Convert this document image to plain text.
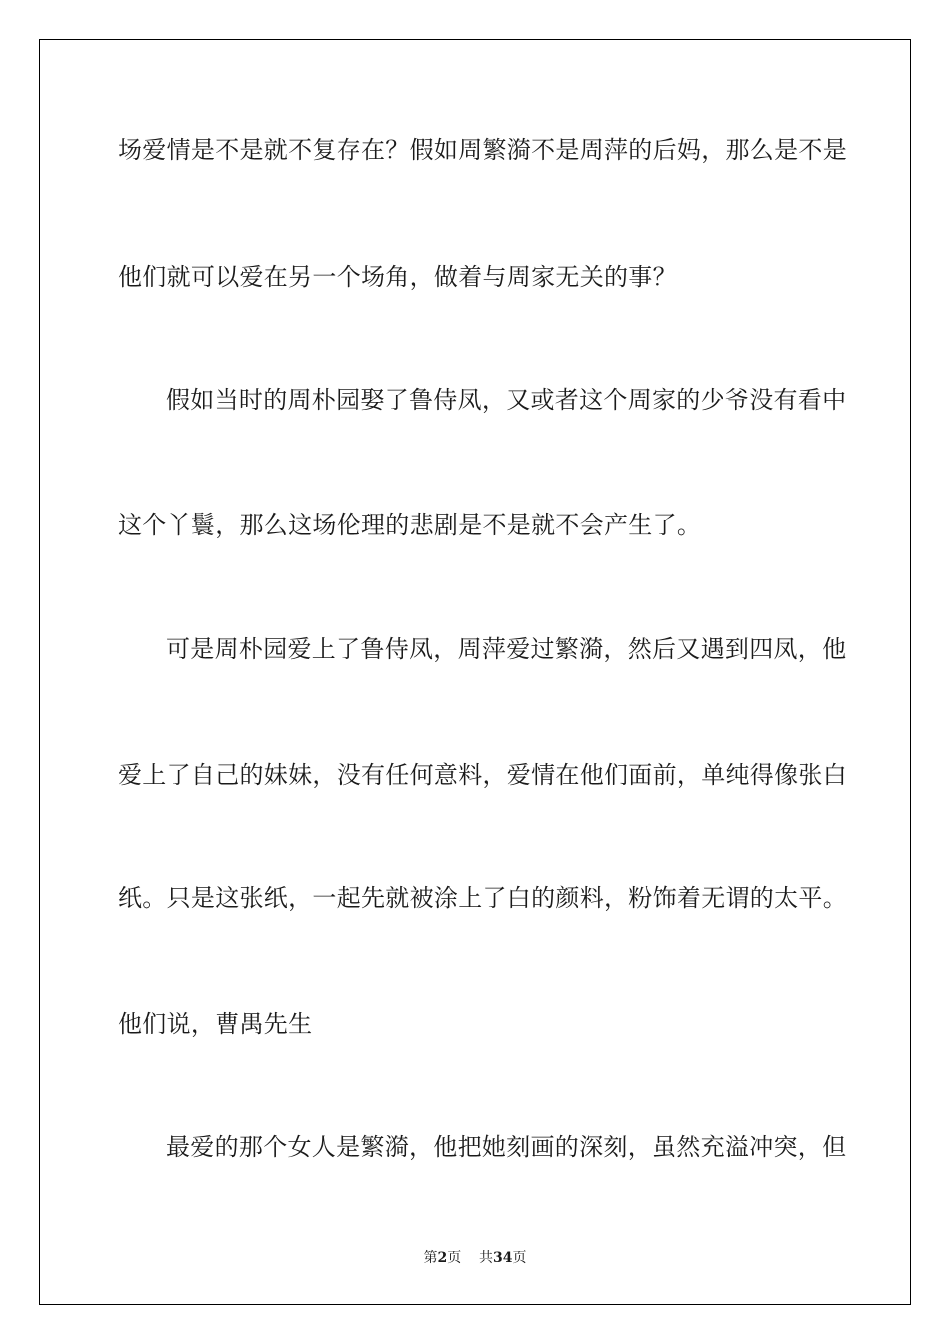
场爱情是不是就不复存在？假如周繁漪不是周萍的后妈，那么是不是
他们就可以爱在另一个场角，做着与周家无关的事？
假如当时的周朴园娶了鲁侍凤，又或者这个周家的少爷没有看中
这个丫鬟，那么这场伦理的悲剧是不是就不会产生了。
可是周朴园爱上了鲁侍凤，周萍爱过繁漪，然后又遇到四凤，他
爱上了自己的妹妹，没有任何意料，爱情在他们面前，单纯得像张白
纸。只是这张纸，一起先就被涂上了白的颜料，粉饰着无谓的太平。
他们说，曹禺先生
最爱的那个女人是繁漪，他把她刻画的深刻，虽然充溢冲突，但
第2页 共34页
